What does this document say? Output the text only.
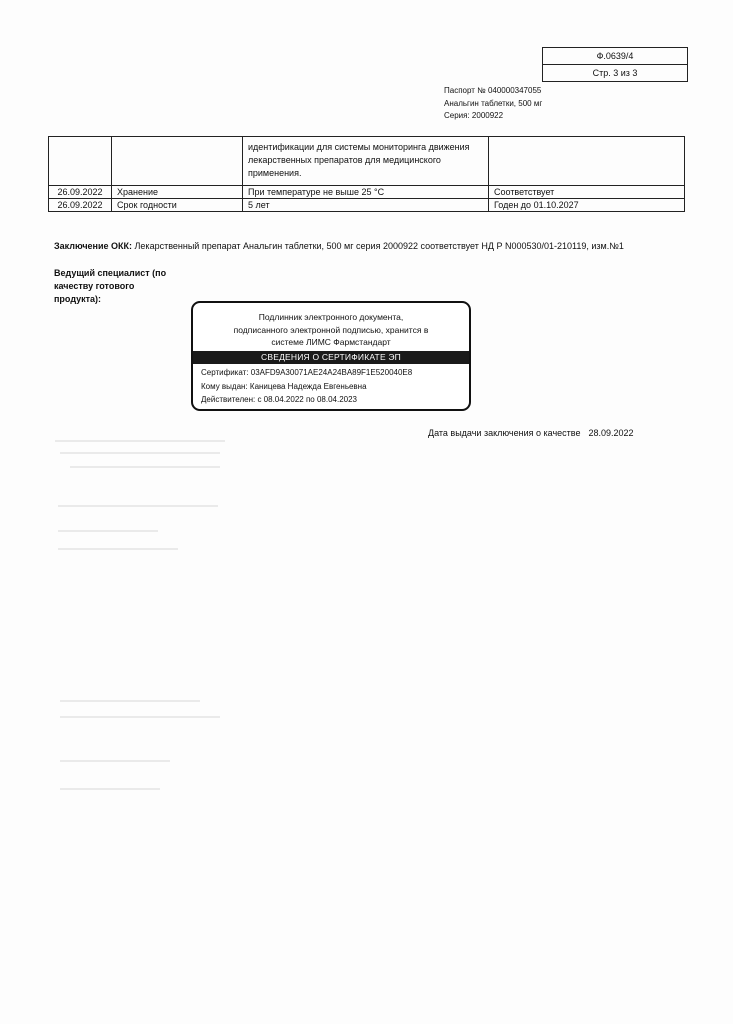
Ф.0639/4
Стр. 3 из 3
Паспорт № 040000347055
Анальгин таблетки, 500 мг
Серия: 2000922
		идентификации для системы мониторинга движения лекарственных препаратов для медицинского применения.	
26.09.2022	Хранение	При температуре не выше 25 °С	Соответствует
26.09.2022	Срок годности	5 лет	Годен до 01.10.2027
Заключение ОКК: Лекарственный препарат Анальгин таблетки, 500 мг серия 2000922 соответствует НД Р N000530/01-210119, изм.№1
Ведущий специалист (по качеству готового продукта):
Подлинник электронного документа,
подписанного электронной подписью, хранится в
системе ЛИМС Фармстандарт
СВЕДЕНИЯ О СЕРТИФИКАТЕ ЭП
Сертификат: 03AFD9A30071AE24A24BA89F1E520040E8
Кому выдан: Каницева Надежда Евгеньевна
Действителен: с 08.04.2022 по 08.04.2023
Дата выдачи заключения о качестве 28.09.2022
